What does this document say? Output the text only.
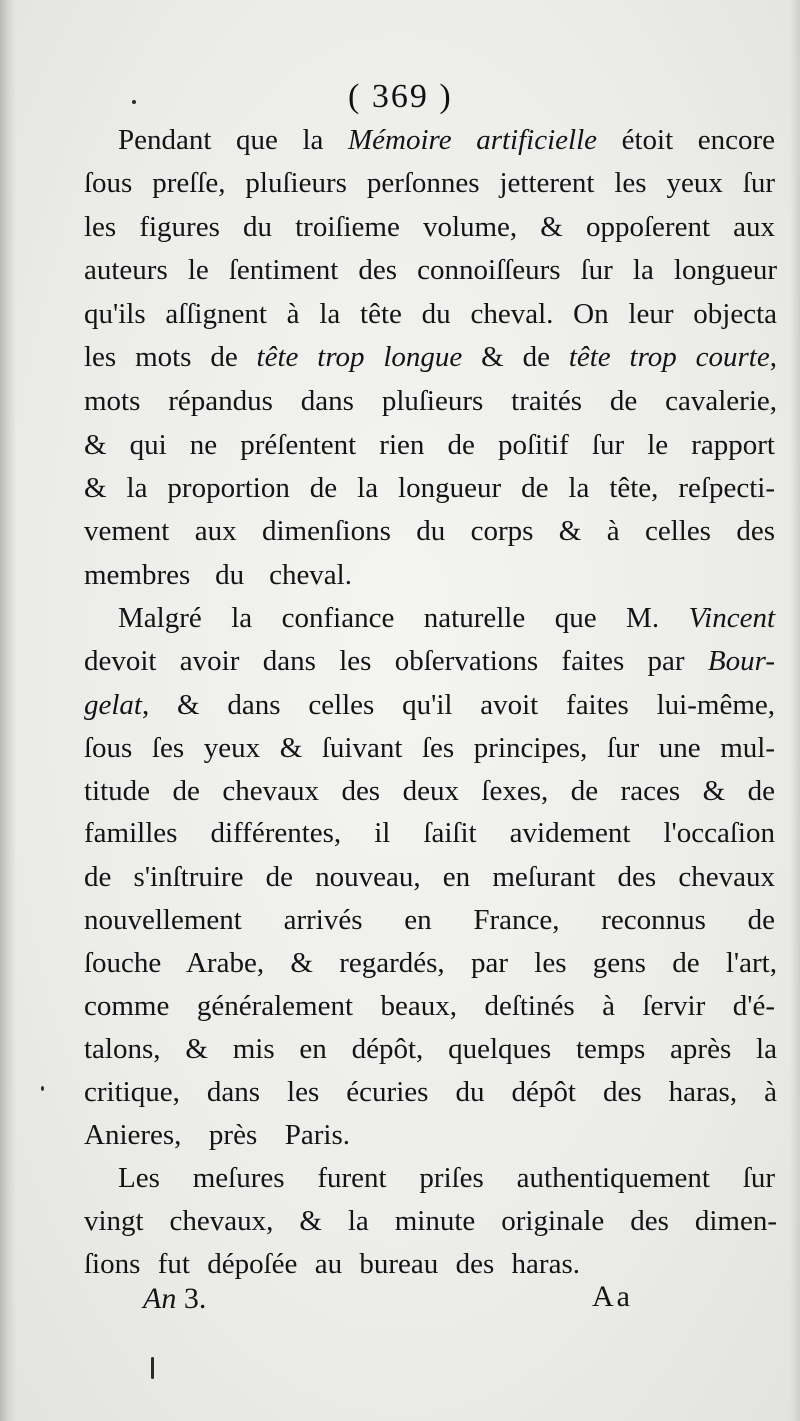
( 369 )
Pendant que la Mémoire artificielle étoit encore
ſous preſſe, pluſieurs perſonnes jetterent les yeux ſur
les figures du troiſieme volume, & oppoſerent aux
auteurs le ſentiment des connoiſſeurs ſur la longueur
qu'ils aſſignent à la tête du cheval. On leur objecta
les mots de tête trop longue & de tête trop courte,
mots répandus dans pluſieurs traités de cavalerie,
& qui ne préſentent rien de poſitif ſur le rapport
& la proportion de la longueur de la tête, reſpecti-
vement aux dimenſions du corps & à celles des
membres du cheval.
Malgré la confiance naturelle que M. Vincent
devoit avoir dans les obſervations faites par Bour-
gelat, & dans celles qu'il avoit faites lui-même,
ſous ſes yeux & ſuivant ſes principes, ſur une mul-
titude de chevaux des deux ſexes, de races & de
familles différentes, il ſaiſit avidement l'occaſion
de s'inſtruire de nouveau, en meſurant des chevaux
nouvellement arrivés en France, reconnus de
ſouche Arabe, & regardés, par les gens de l'art,
comme généralement beaux, deſtinés à ſervir d'é-
talons, & mis en dépôt, quelques temps après la
critique, dans les écuries du dépôt des haras, à
Anieres, près Paris.
Les meſures furent priſes authentiquement ſur
vingt chevaux, & la minute originale des dimen-
ſions fut dépoſée au bureau des haras.
An 3.	Aa
